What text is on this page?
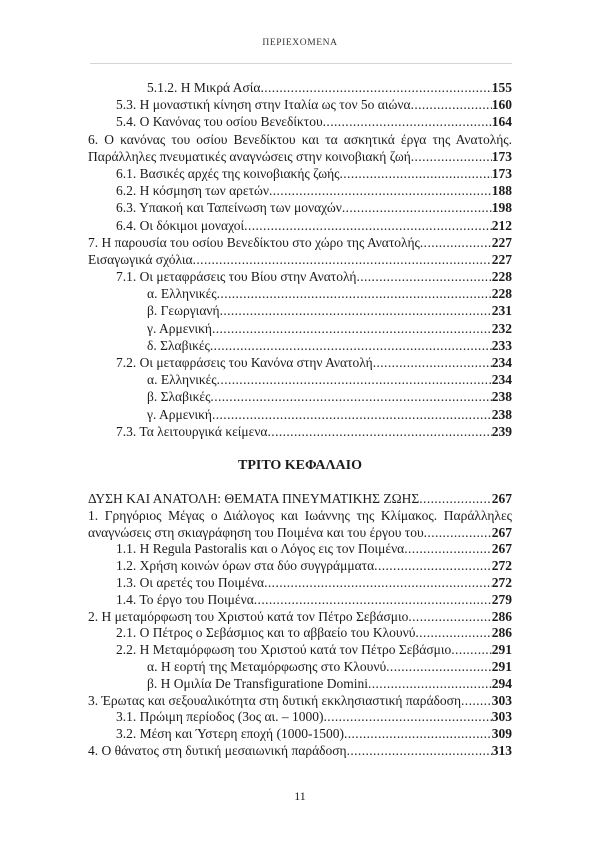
ΠΕΡΙΕΧΟΜΕΝΑ
5.1.2. Η Μικρά Ασία .....	155
5.3. Η μοναστική κίνηση στην Ιταλία ως τον 5ο αιώνα .....	160
5.4. Ο Κανόνας του οσίου Βενεδίκτου .....	164
6. Ο κανόνας του οσίου Βενεδίκτου και τα ασκητικά έργα της Ανατολής.
Παράλληλες πνευματικές αναγνώσεις στην κοινοβιακή ζωή .....	173
6.1. Βασικές αρχές της κοινοβιακής ζωής .....	173
6.2. Η κόσμηση των αρετών .....	188
6.3. Υπακοή και Ταπείνωση των μοναχών .....	198
6.4. Οι δόκιμοι μοναχοί .....	212
7. Η παρουσία του οσίου Βενεδίκτου στο χώρο της Ανατολής .....	227
Εισαγωγικά σχόλια .....	227
7.1. Οι μεταφράσεις του Βίου στην Ανατολή .....	228
α. Ελληνικές .....	228
β. Γεωργιανή .....	231
γ. Αρμενική .....	232
δ. Σλαβικές .....	233
7.2. Οι μεταφράσεις του Κανόνα στην Ανατολή .....	234
α. Ελληνικές .....	234
β. Σλαβικές .....	238
γ. Αρμενική .....	238
7.3. Τα λειτουργικά κείμενα .....	239
ΤΡΙΤΟ ΚΕΦΑΛΑΙΟ
ΔΥΣΗ ΚΑΙ ΑΝΑΤΟΛΗ: ΘΕΜΑΤΑ ΠΝΕΥΜΑΤΙΚΗΣ ΖΩΗΣ .....	267
1. Γρηγόριος Μέγας ο Διάλογος και Ιωάννης της Κλίμακος. Παράλληλες
αναγνώσεις στη σκιαγράφηση του Ποιμένα και του έργου του .....	267
1.1. Η Regula Pastoralis και ο Λόγος εις τον Ποιμένα .....	267
1.2. Χρήση κοινών όρων στα δύο συγγράμματα .....	272
1.3. Οι αρετές του Ποιμένα .....	272
1.4. Το έργο του Ποιμένα .....	279
2. Η μεταμόρφωση του Χριστού κατά τον Πέτρο Σεβάσμιο .....	286
2.1. Ο Πέτρος ο Σεβάσμιος και το αββαείο του Κλουνύ .....	286
2.2. Η Μεταμόρφωση του Χριστού κατά τον Πέτρο Σεβάσμιο .....	291
α. Η εορτή της Μεταμόρφωσης στο Κλουνύ .....	291
β. Η Ομιλία De Transfiguratione Domini .....	294
3. Έρωτας και σεξουαλικότητα στη δυτική εκκλησιαστική παράδοση ..... 303
3.1. Πρώιμη περίοδος (3ος αι. – 1000) .....	303
3.2. Μέση και Ύστερη εποχή (1000-1500) .....	309
4. Ο θάνατος στη δυτική μεσαιωνική παράδοση .....	313
11
